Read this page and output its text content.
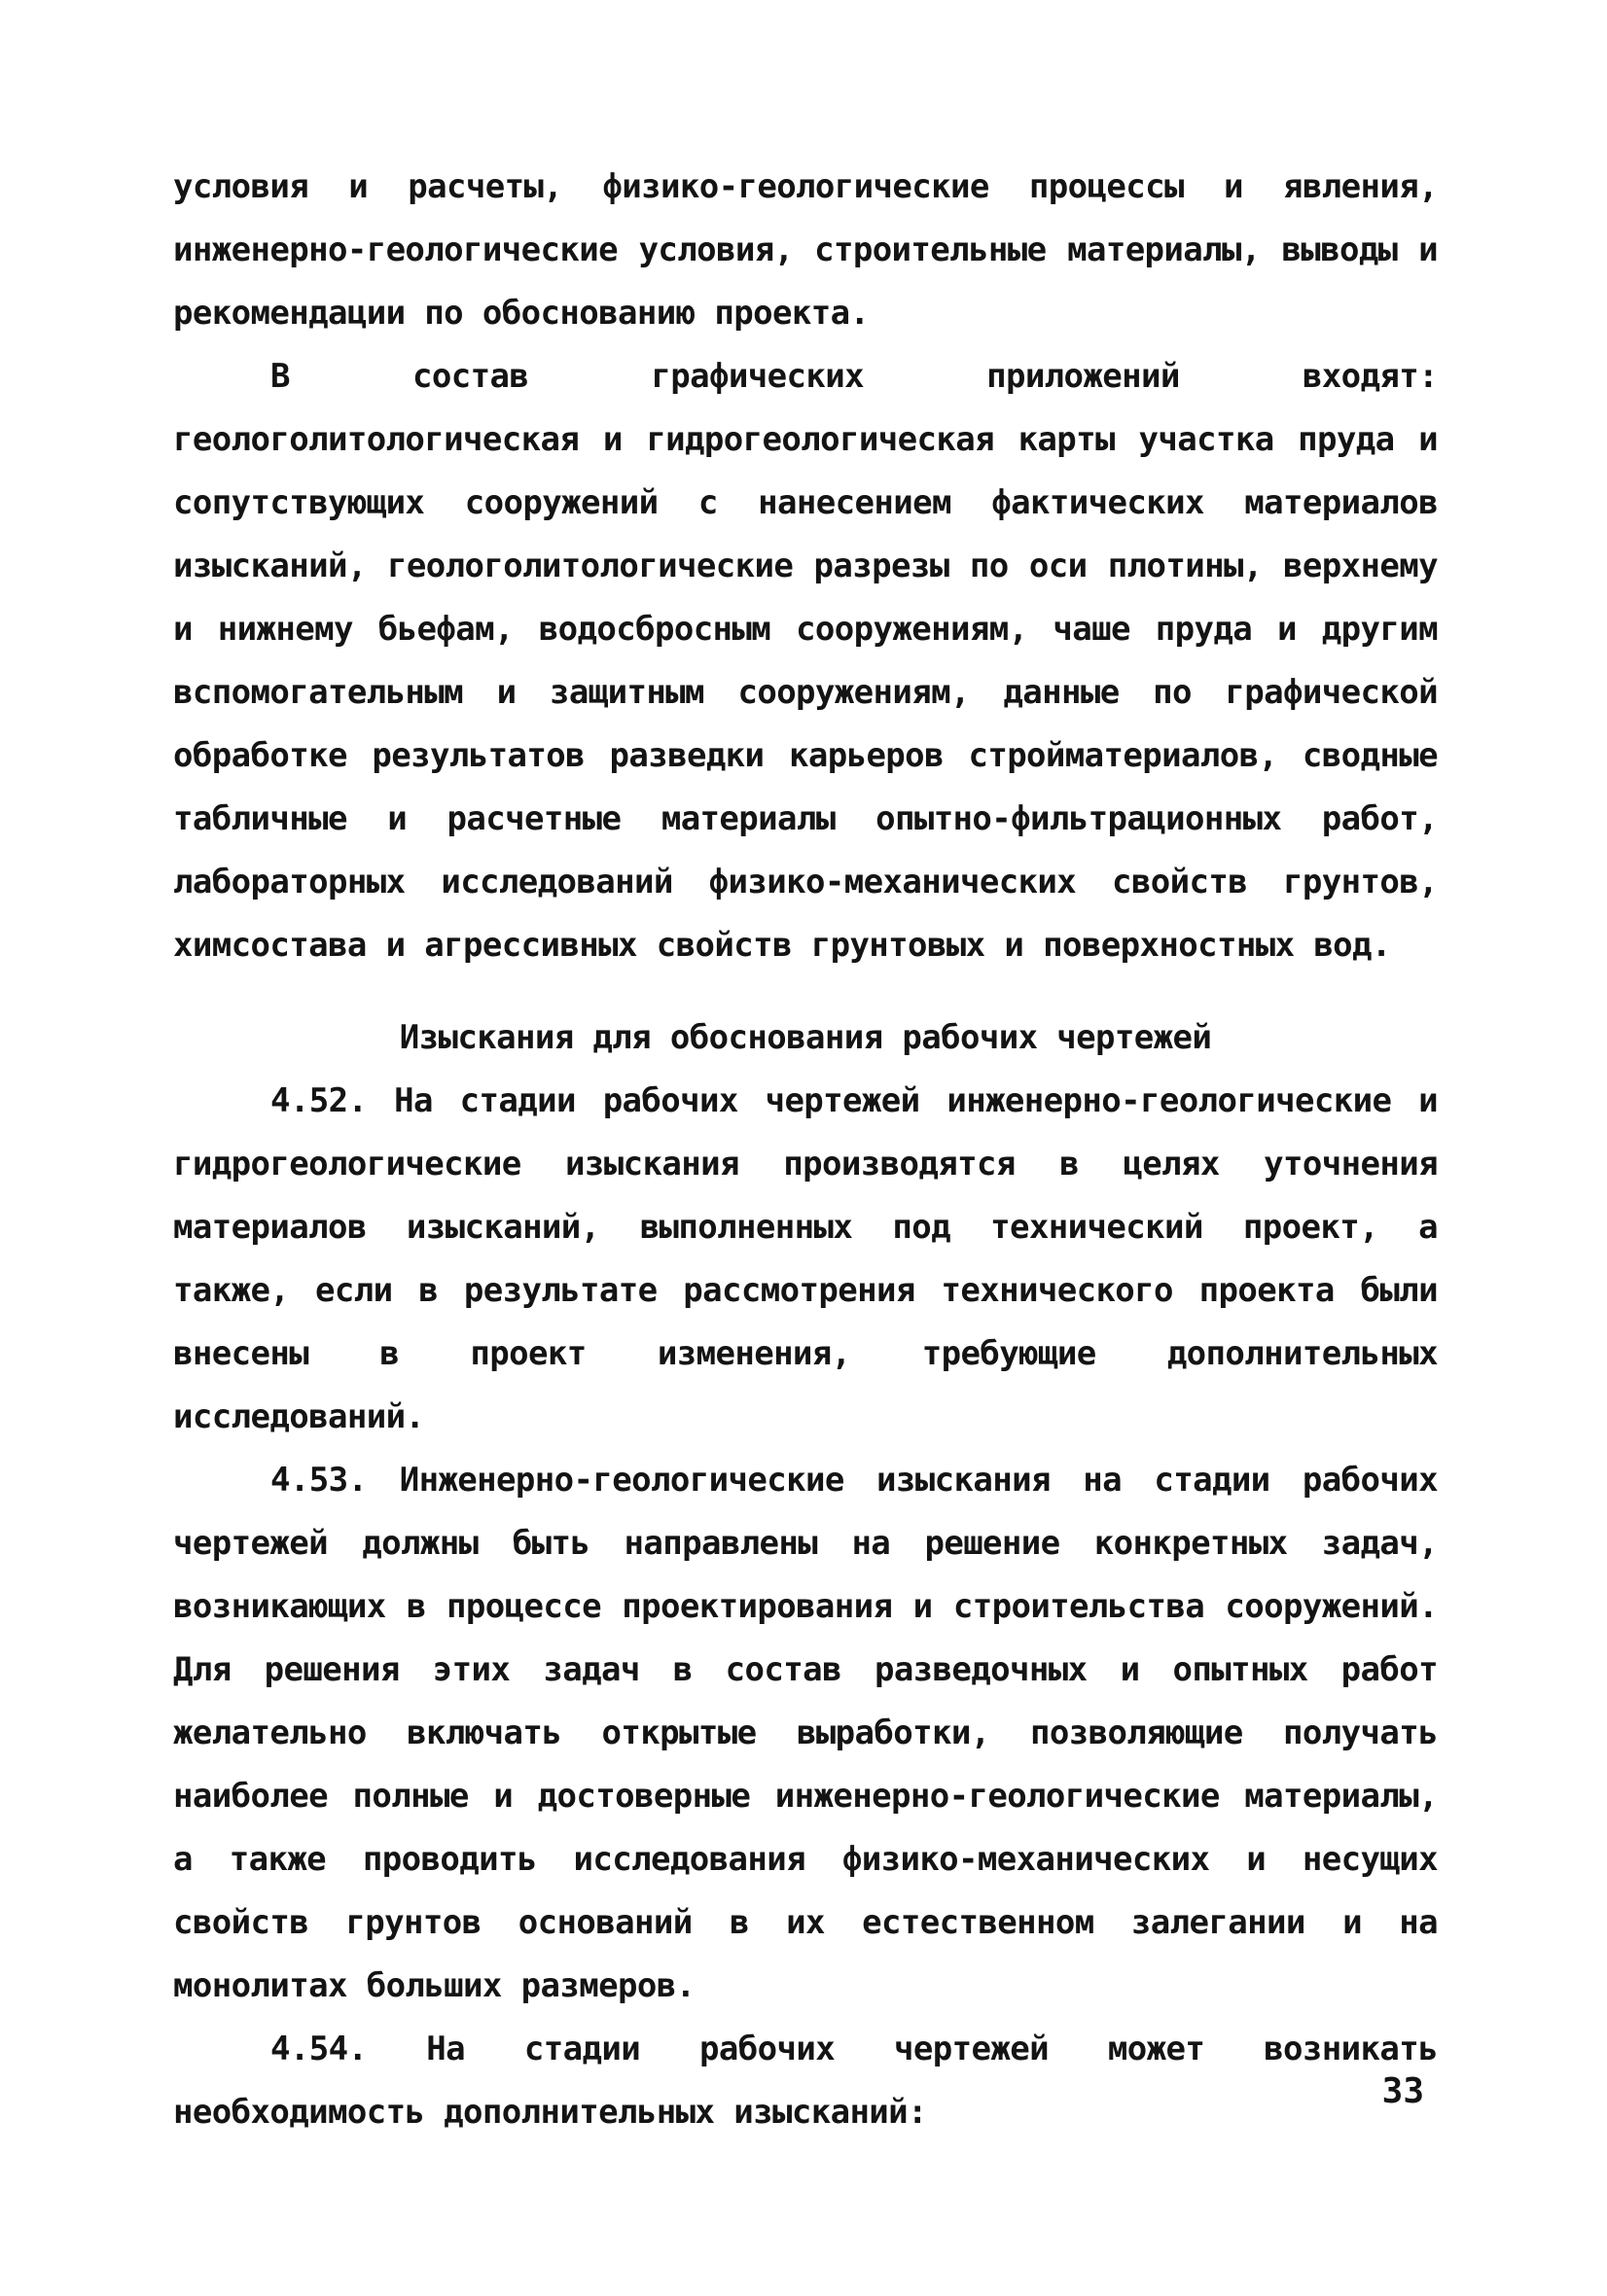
условия и расчеты, физико-геологические процессы и явления, инженерно-геологические условия, строительные материалы, выводы и рекомендации по обоснованию проекта.

В состав графических приложений входят: геологолитологическая и гидрогеологическая карты участка пруда и сопутствующих сооружений с нанесением фактических материалов изысканий, геологолитологические разрезы по оси плотины, верхнему и нижнему бьефам, водосбросным сооружениям, чаше пруда и другим вспомогательным и защитным сооружениям, данные по графической обработке результатов разведки карьеров стройматериалов, сводные табличные и расчетные материалы опытно-фильтрационных работ, лабораторных исследований физико-механических свойств грунтов, химсостава и агрессивных свойств грунтовых и поверхностных вод.

Изыскания для обоснования рабочих чертежей

4.52. На стадии рабочих чертежей инженерно-геологические и гидрогеологические изыскания производятся в целях уточнения материалов изысканий, выполненных под технический проект, а также, если в результате рассмотрения технического проекта были внесены в проект изменения, требующие дополнительных исследований.

4.53. Инженерно-геологические изыскания на стадии рабочих чертежей должны быть направлены на решение конкретных задач, возникающих в процессе проектирования и строительства сооружений. Для решения этих задач в состав разведочных и опытных работ желательно включать открытые выработки, позволяющие получать наиболее полные и достоверные инженерно-геологические материалы, а также проводить исследования физико-механических и несущих свойств грунтов оснований в их естественном залегании и на монолитах больших размеров.

4.54. На стадии рабочих чертежей может возникать необходимость дополнительных изысканий:

33
